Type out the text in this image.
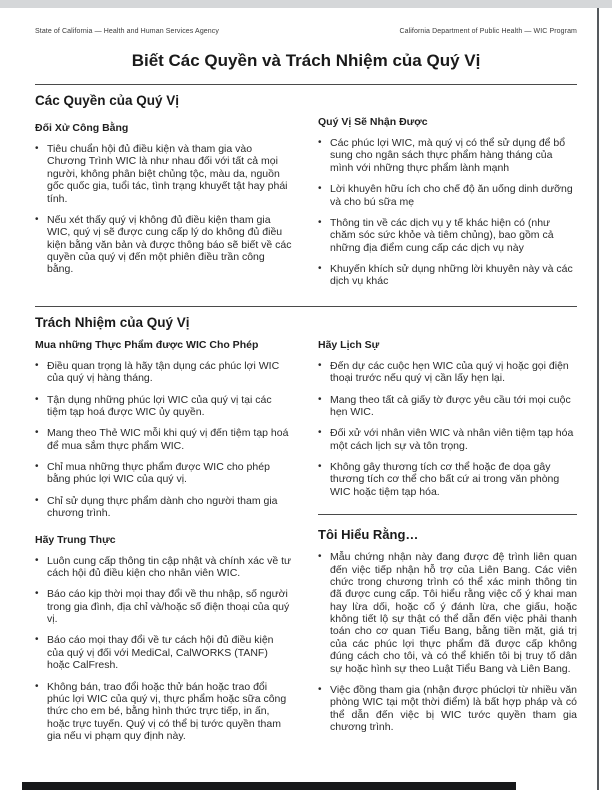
State of California — Health and Human Services Agency	California Department of Public Health — WIC Program
Biết Các Quyền và Trách Nhiệm của Quý Vị
Các Quyền của Quý Vị
Đối Xử Công Bằng
• Tiêu chuẩn hội đủ điều kiện và tham gia vào Chương Trình WIC là như nhau đối với tất cả mọi người, không phân biệt chủng tộc, màu da, nguồn gốc quốc gia, tuổi tác, tình trạng khuyết tật hay phái tính.
• Nếu xét thấy quý vị không đủ điều kiện tham gia WIC, quý vị sẽ được cung cấp lý do không đủ điều kiện bằng văn bản và được thông báo sẽ biết về các quyền của quý vị đến một phiên điều trần công bằng.
Quý Vị Sẽ Nhận Được
• Các phúc lợi WIC, mà quý vị có thể sử dụng để bổ sung cho ngân sách thực phẩm hàng tháng của mình với những thực phẩm lành mạnh
• Lời khuyên hữu ích cho chế độ ăn uống dinh dưỡng và cho bú sữa mẹ
• Thông tin về các dịch vụ y tế khác hiện có (như chăm sóc sức khỏe và tiêm chủng), bao gồm cả những địa điểm cung cấp các dịch vụ này
• Khuyến khích sử dụng những lời khuyên này và các dịch vụ khác
Trách Nhiệm của Quý Vị
Mua những Thực Phẩm được WIC Cho Phép
• Điều quan trọng là hãy tận dụng các phúc lợi WIC của quý vị hàng tháng.
• Tận dụng những phúc lợi WIC của quý vị tại các tiệm tạp hoá được WIC ủy quyền.
• Mang theo Thẻ WIC mỗi khi quý vị đến tiệm tạp hoá để mua sắm thực phẩm WIC.
• Chỉ mua những thực phẩm được WIC cho phép bằng phúc lợi WIC của quý vị.
• Chỉ sử dụng thực phẩm dành cho người tham gia chương trình.
Hãy Trung Thực
• Luôn cung cấp thông tin cập nhật và chính xác về tư cách hội đủ điều kiện cho nhân viên WIC.
• Báo cáo kịp thời mọi thay đổi về thu nhập, số người trong gia đình, địa chỉ và/hoặc số điện thoại của quý vị.
• Báo cáo mọi thay đổi về tư cách hội đủ điều kiện của quý vị đối với MediCal, CalWORKS (TANF) hoặc CalFresh.
• Không bán, trao đổi hoặc thử bán hoặc trao đổi phúc lợi WIC của quý vị, thực phẩm hoặc sữa công thức cho em bé, bằng hình thức trực tiếp, in ấn, hoặc trực tuyến. Quý vị có thể bị tước quyền tham gia nếu vi phạm quy định này.
Hãy Lịch Sự
• Đến dự các cuộc hẹn WIC của quý vị hoặc gọi điện thoại trước nếu quý vị cần lấy hẹn lại.
• Mang theo tất cả giấy tờ được yêu cầu tới mọi cuộc hẹn WIC.
• Đối xử với nhân viên WIC và nhân viên tiệm tạp hóa một cách lịch sự và tôn trọng.
• Không gây thương tích cơ thể hoặc đe dọa gây thương tích cơ thể cho bất cứ ai trong văn phòng WIC hoặc tiệm tạp hóa.
Tôi Hiểu Rằng…
• Mẫu chứng nhận này đang được đệ trình liên quan đến việc tiếp nhận hỗ trợ của Liên Bang. Các viên chức trong chương trình có thể xác minh thông tin đã được cung cấp. Tôi hiểu rằng việc cố ý khai man hay lừa dối, hoặc cố ý đánh lừa, che giấu, hoặc không tiết lộ sự thật có thể dẫn đến việc phải thanh toán cho cơ quan Tiểu Bang, bằng tiền mặt, giá trị của các phúc lợi thực phẩm đã được cấp không đúng cách cho tôi, và có thể khiến tôi bị truy tố dân sự hoặc hình sự theo Luật Tiểu Bang và Liên Bang.
• Việc đồng tham gia (nhận được phúclợi từ nhiều văn phòng WIC tại một thời điểm) là bất hợp pháp và có thể dẫn đến việc bị WIC tước quyền tham gia chương trình.
